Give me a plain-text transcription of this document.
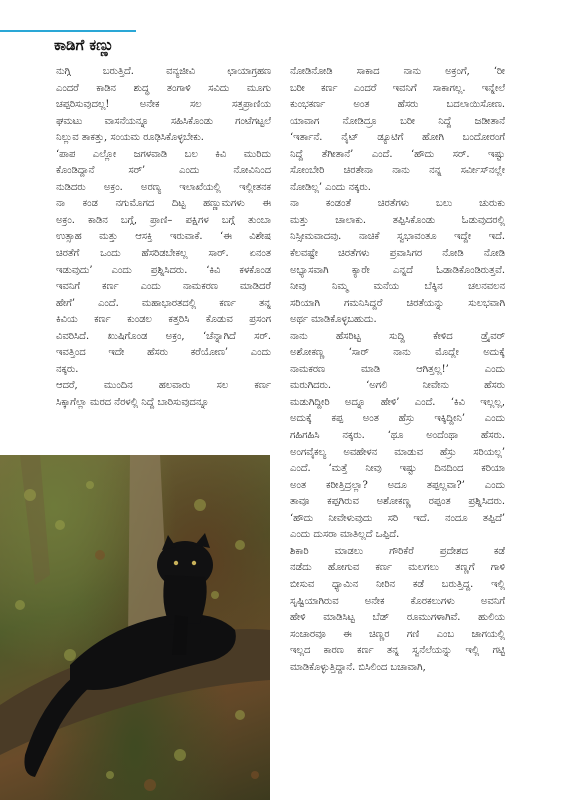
ಕಾಡಿಗೆ ಕಣ್ಣು
ನುಗ್ಗಿ ಬರುತ್ತಿದೆ. ವನ್ಯಜೀವಿ ಛಾಯಾಗ್ರಹಣ
ಎಂದರೆ ಕಾಡಿನ ಶುದ್ಧ ತಂಗಾಳಿ ಸವಿದು ಮೂಗು
ಚಪ್ಪರಿಸುವುದಲ್ಲ! ಅನೇಕ ಸಲ ಸತ್ತಪ್ರಾಣಿಯ
ಘಮಟು ವಾಸನೆಯನ್ನೂ ಸಹಿಸಿಕೊಂಡು ಗಂಟೆಗಟ್ಟಲೆ
ನಿಲ್ಲುವ ತಾಕತ್ತು, ಸಂಯಮ ರೂಢಿಸಿಕೊಳ್ಳಬೇಕು.
‘ಪಾಪ ಎಲ್ಲೋ ಜಗಳವಾಡಿ ಬಲ ಕಿವಿ ಮುರಿದು
ಕೊಂಡಿದ್ದಾನೆ ಸರ್’ ಎಂದು ನೋವಿನಿಂದ
ನುಡಿದರು ಅಕ್ರಂ. ಅರಣ್ಯ ಇಲಾಖೆಯಲ್ಲಿ ಇಲ್ಲೀತನಕ
ನಾ ಕಂಡ ನಗುಮೊಗದ ದಿಟ್ಟ ಹಣ್ಣುಮಗಳು ಈ
ಅಕ್ರಂ. ಕಾಡಿನ ಬಗ್ಗೆ, ಪ್ರಾಣಿ– ಪಕ್ಷಿಗಳ ಬಗ್ಗೆ ತುಂಬಾ
ಉತ್ಸಾಹ ಮತ್ತು ಆಸಕ್ತಿ ಇರುವಾಕೆ. ‘ಈ ವಿಶೇಷ
ಚಿರತೆಗೆ ಒಂದು ಹೆಸರಿಡಬೇಕಲ್ಲ ಸಾರ್. ಏನಂತ
ಇಡುವುದು’ ಎಂದು ಪ್ರಶ್ನಿಸಿದರು. ‘ಕಿವಿ ಕಳಕೊಂಡ
ಇವನಿಗೆ ಕರ್ಣ ಎಂದು ನಾಮಕರಣ ಮಾಡಿದರೆ
ಹೇಗೆ’ ಎಂದೆ. ಮಹಾಭಾರತದಲ್ಲಿ ಕರ್ಣ ತನ್ನ
ಕಿವಿಯ ಕರ್ಣ ಕುಂಡಲ ಕತ್ತರಿಸಿ ಕೊಡುವ ಪ್ರಸಂಗ
ವಿವರಿಸಿದೆ. ಖುಷಿಗೊಂಡ ಅಕ್ರಂ, ‘ಚೆನ್ನಾಗಿದೆ ಸರ್.
ಇವತ್ತಿಂದ ಇದೇ ಹೆಸರು ಕರೆಯೋಣ’ ಎಂದು
ನಕ್ಕರು.
ಆದರೆ, ಮುಂದಿನ ಹಲವಾರು ಸಲ ಕರ್ಣ
ಸಿಕ್ಕಾಗೆಲ್ಲಾ ಮರದ ನೆರಳಲ್ಲಿ ನಿದ್ದೆ ಬಾರಿಸುವುದನ್ನೂ
ನೋಡಿನೋಡಿ ಸಾಕಾದ ನಾನು ಅಕ್ರಂಗೆ, ‘ರೀ
ಬರೀ ಕರ್ಣ ಎಂದರೆ ಇವನಿಗೆ ಸಾಕಾಗಲ್ಲ. ಇನ್ನೇಲೆ
ಕುಂಭಕರ್ಣ ಅಂತ ಹೆಸರು ಬದಲಾಯಿಸೋಣ.
ಯಾವಾಗ ನೋಡಿದ್ರೂ ಬರೀ ನಿದ್ದೆ ಜಡೀತಾನೆ
‘ಇರ್ತಾನೆ. ನೈಟ್ ಡ್ಯೂಟಿಗೆ ಹೋಗಿ ಬಂದೋರಂಗೆ
ನಿದ್ದೆ ತೆಗೀತಾನೆ’ ಎಂದೆ. ‘ಹೌದು ಸರ್. ಇಷ್ಟು
ಸೋಂಬೇರಿ ಚಿರತೇನಾ ನಾನು ನನ್ನ ಸರ್ವೀಸ್‌ನಲ್ಲೇ
ನೋಡಿಲ್ಲ’ ಎಂದು ನಕ್ಕರು.
ನಾ ಕಂಡಂತೆ ಚಿರತೆಗಳು ಬಲು ಚುರುಕು
ಮತ್ತು ಚಾಲಾಕು. ತಪ್ಪಿಸಿಕೊಂಡು ಓಡುವುದರಲ್ಲಿ
ನಿಸ್ಸೀಮವಾದವು. ನಾಚಿಕೆ ಸ್ವಭಾವಂತೂ ಇದ್ದೇ ಇದೆ.
ಕೆಲವಷ್ಟೇ ಚಿರತೆಗಳು ಪ್ರವಾಸಿಗರ ನೋಡಿ ನೋಡಿ
ಅಭ್ಯಾಸವಾಗಿ ಕ್ಯಾರೇ ಎನ್ನದೆ ಓಡಾಡಿಕೊಂಡಿರುತ್ತವೆ.
ನೀವು ನಿಮ್ಮ ಮನೆಯ ಬೆಕ್ಕಿನ ಚಲನವಲನ
ಸರಿಯಾಗಿ ಗಮನಿಸಿದ್ದರೆ ಚಿರತೆಯನ್ನು ಸುಲಭವಾಗಿ
ಅರ್ಥ ಮಾಡಿಕೊಳ್ಳಬಹುದು.
ನಾನು ಹೆಸರಿಟ್ಟ ಸುದ್ದಿ ಕೇಳಿದ ಡ್ರೈವರ್
ಅಶೋಕಣ್ಣ ‘ಸಾರ್ ನಾನು ಮೊದ್ಲೇ ಅದುಕ್ಕೆ
ನಾಮಕರಣ ಮಾಡಿ ಆಗಿತ್ತಲ್ಲ!’ ಎಂದು
ಮರುಗಿದರು. ‘ಅಗಲಿ ನೀವೇನು ಹೆಸರು
ಮಡುಗಿದ್ದೀರಿ ಅದ್ನೂ ಹೇಳಿ’ ಎಂದೆ. ‘ಕಿವಿ ಇಲ್ಲಲ್ಲ,
ಅದುಕ್ಕೆ ಕಪ್ಪ ಅಂತ ಹೆಸ್ರು ಇಕ್ಕಿದ್ದೀನಿ’ ಎಂದು
ಗಹಿಗಹಿಸಿ ನಕ್ಕರು. ‘ಥೂ ಅಂದೆಂಥಾ ಹೆಸರು.
ಅಂಗವೈಕಲ್ಯ ಅವಹೇಳನ ಮಾಡುವ ಹೆಸ್ರು ಸರಿಯಲ್ಲ’
ಎಂದೆ. ‘ಮತ್ತೆ ನೀವು ಇಷ್ಟು ದಿನದಿಂದ ಕರಿಯಾ
ಅಂತ ಕರೀತ್ತಿದ್ರಲ್ಲಾ? ಅದೂ ತಪ್ಪಲ್ಲವಾ?’ ಎಂದು
ತಾವೂ ಕಪ್ಪಗಿರುವ ಅಶೋಕಣ್ಣ ರಪ್ಪಂತ ಪ್ರಶ್ನಿಸಿದರು.
‘ಹೌದು ನೀವೇಳುವುದು ಸರಿ ಇದೆ. ನಂದೂ ತಪ್ಪಿದೆ’
ಎಂದು ದುಸರಾ ಮಾತಿಲ್ಲದೆ ಒಪ್ಪಿದೆ.
ಶಿಕಾರಿ ಮಾಡಲು ಗೌರಿಕೆರೆ ಪ್ರದೇಶದ ಕಡೆ
ನಡೆದು ಹೋಗುವ ಕರ್ಣ ಮಲಗಲು ತಣ್ಣಗೆ ಗಾಳಿ
ಬೀಸುವ ಧ್ಯಾಮಿನ ನೀರಿನ ಕಡೆ ಬರುತ್ತಿದ್ದ. ಇಲ್ಲಿ
ಸೃಷ್ಟಿಯಾಗಿರುವ ಅನೇಕ ಕೊರಕಲುಗಳು ಅವನಿಗೆ
ಹೇಳಿ ಮಾಡಿಸಿಟ್ಟ ಬೆಡ್ ರೂಮುಗಳಾಗಿವೆ. ಹುಲಿಯ
ಸಂಚಾರವೂ ಈ ಚಿಣ್ಣರ ಗಣಿ ಎಂಬ ಜಾಗಯಲ್ಲಿ
ಇಲ್ಲದ ಕಾರಣ ಕರ್ಣ ತನ್ನ ಸ್ವನೆಲೆಯನ್ನು ಇಲ್ಲಿ ಗಟ್ಟಿ
ಮಾಡಿಕೊಳ್ಳುತ್ತಿದ್ದಾನೆ. ಬಿಸಿಲಿಂದ ಬಚಾವಾಗಿ,
